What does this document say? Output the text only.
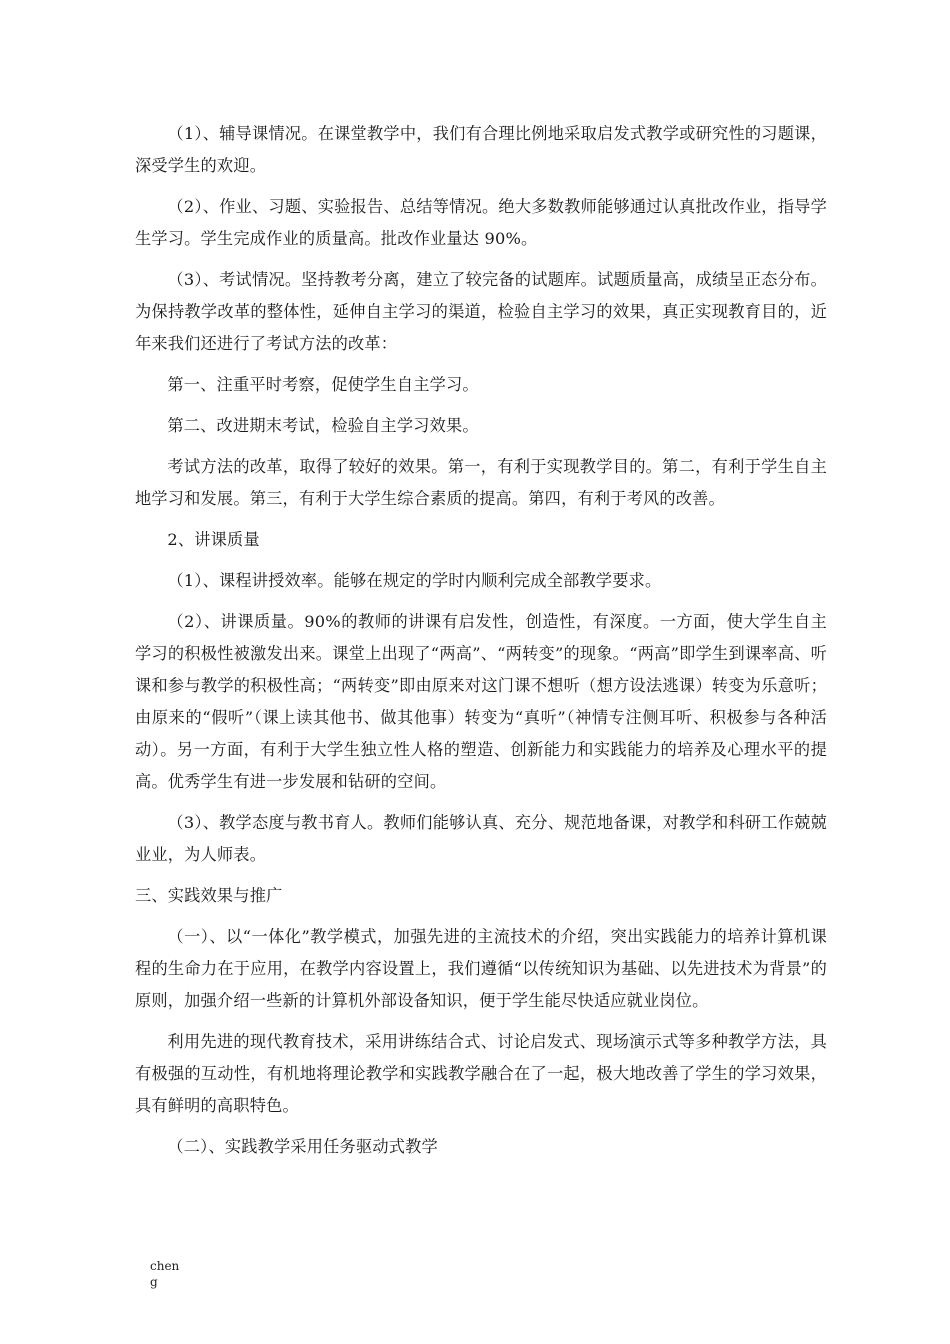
（1）、辅导课情况。在课堂教学中，我们有合理比例地采取启发式教学或研究性的习题课，深受学生的欢迎。

（2）、作业、习题、实验报告、总结等情况。绝大多数教师能够通过认真批改作业，指导学生学习。学生完成作业的质量高。批改作业量达 90%。

（3）、考试情况。坚持教考分离，建立了较完备的试题库。试题质量高，成绩呈正态分布。为保持教学改革的整体性，延伸自主学习的渠道，检验自主学习的效果，真正实现教育目的，近年来我们还进行了考试方法的改革：

第一、注重平时考察，促使学生自主学习。

第二、改进期末考试，检验自主学习效果。

考试方法的改革，取得了较好的效果。第一，有利于实现教学目的。第二，有利于学生自主地学习和发展。第三，有利于大学生综合素质的提高。第四，有利于考风的改善。

2、讲课质量

（1）、课程讲授效率。能够在规定的学时内顺利完成全部教学要求。

（2）、讲课质量。90%的教师的讲课有启发性，创造性，有深度。一方面，使大学生自主学习的积极性被激发出来。课堂上出现了“两高”、“两转变”的现象。“两高”即学生到课率高、听课和参与教学的积极性高；“两转变”即由原来对这门课不想听（想方设法逃课）转变为乐意听；由原来的“假听”（课上读其他书、做其他事）转变为“真听”（神情专注侧耳听、积极参与各种活动）。另一方面，有利于大学生独立性人格的塑造、创新能力和实践能力的培养及心理水平的提高。优秀学生有进一步发展和钻研的空间。

（3）、教学态度与教书育人。教师们能够认真、充分、规范地备课，对教学和科研工作兢兢业业，为人师表。

三、实践效果与推广

（一）、以“一体化”教学模式，加强先进的主流技术的介绍，突出实践能力的培养计算机课程的生命力在于应用，在教学内容设置上，我们遵循“以传统知识为基础、以先进技术为背景”的原则，加强介绍一些新的计算机外部设备知识，便于学生能尽快适应就业岗位。

利用先进的现代教育技术，采用讲练结合式、讨论启发式、现场演示式等多种教学方法，具有极强的互动性，有机地将理论教学和实践教学融合在了一起，极大地改善了学生的学习效果，具有鲜明的高职特色。

（二）、实践教学采用任务驱动式教学

cheng
